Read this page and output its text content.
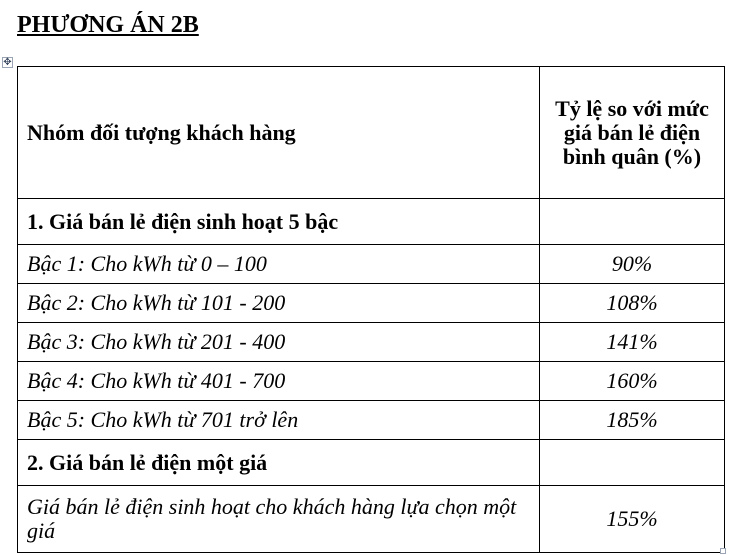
PHƯƠNG ÁN 2B
✥
Nhóm đối tượng khách hàng	Tỷ lệ so với mức giá bán lẻ điện bình quân (%)
1. Giá bán lẻ điện sinh hoạt 5 bậc	
Bậc 1: Cho kWh từ 0 – 100	90%
Bậc 2: Cho kWh từ 101 - 200	108%
Bậc 3: Cho kWh từ 201 - 400	141%
Bậc 4: Cho kWh từ 401 - 700	160%
Bậc 5: Cho kWh từ 701 trở lên	185%
2. Giá bán lẻ điện một giá	
Giá bán lẻ điện sinh hoạt cho khách hàng lựa chọn một giá	155%
